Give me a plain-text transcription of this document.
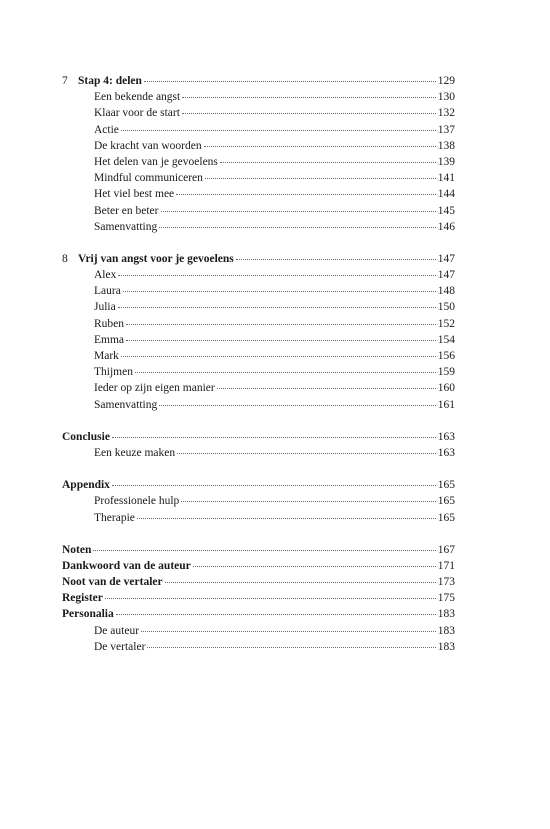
7 Stap 4: delen	129
Een bekende angst	130
Klaar voor de start	132
Actie	137
De kracht van woorden	138
Het delen van je gevoelens	139
Mindful communiceren	141
Het viel best mee	144
Beter en beter	145
Samenvatting	146
8 Vrij van angst voor je gevoelens	147
Alex	147
Laura	148
Julia	150
Ruben	152
Emma	154
Mark	156
Thijmen	159
Ieder op zijn eigen manier	160
Samenvatting	161
Conclusie	163
Een keuze maken	163
Appendix	165
Professionele hulp	165
Therapie	165
Noten	167
Dankwoord van de auteur	171
Noot van de vertaler	173
Register	175
Personalia	183
De auteur	183
De vertaler	183
